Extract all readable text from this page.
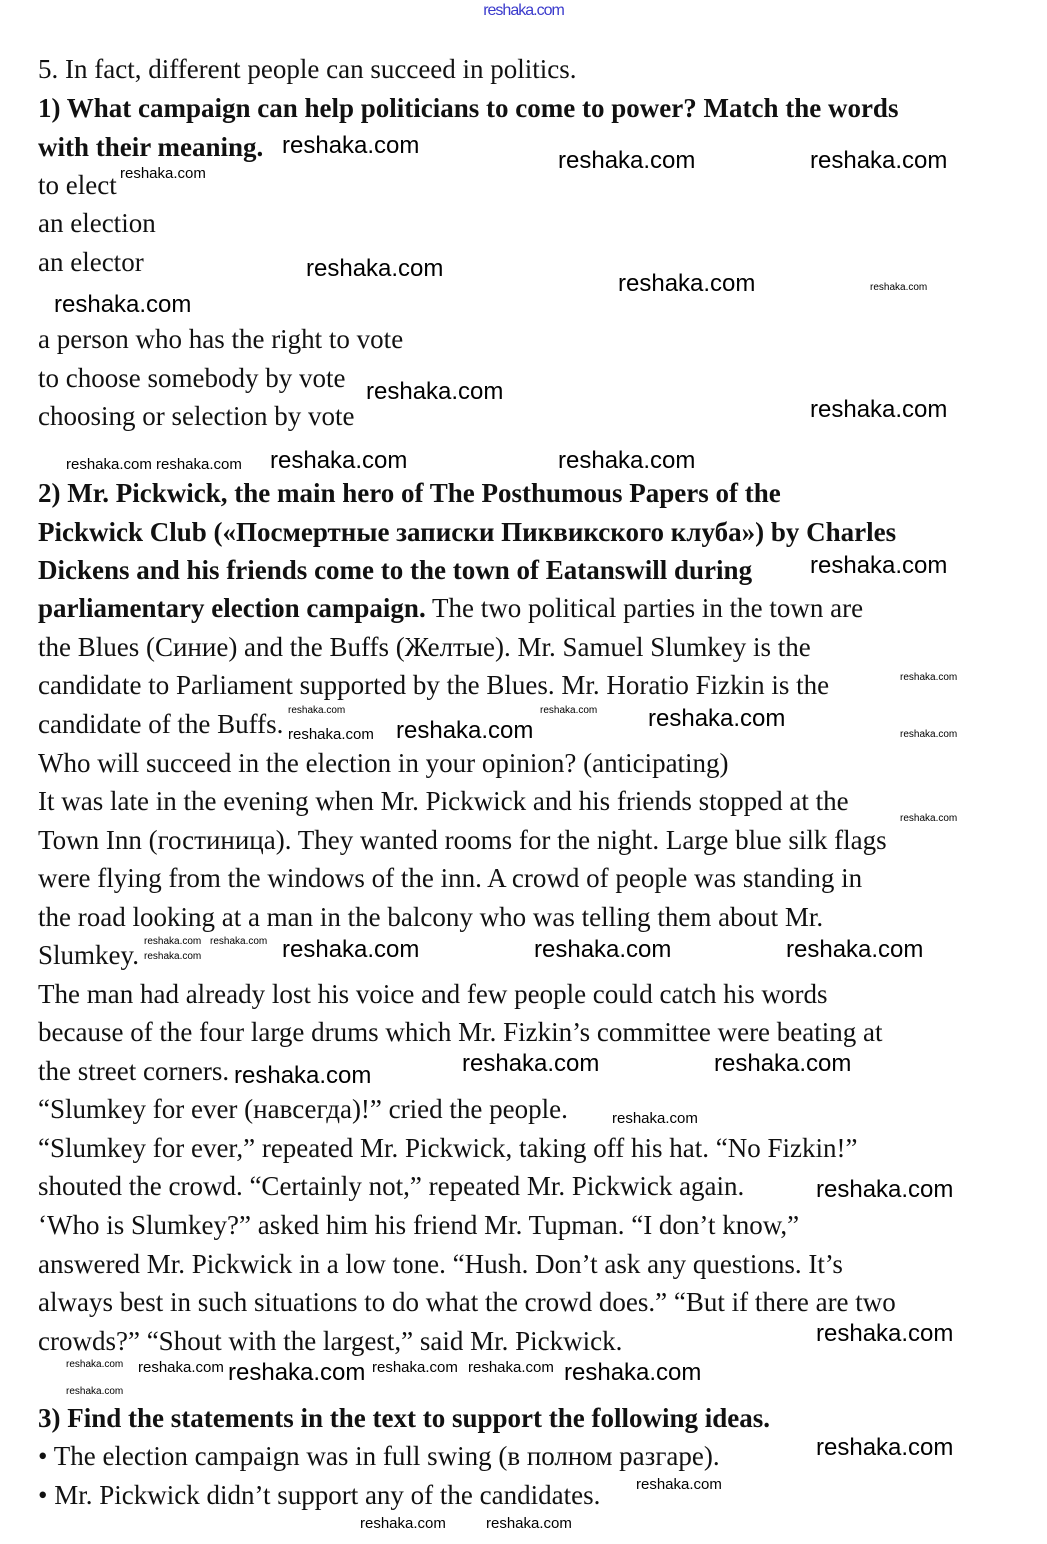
reshaka.com
5. In fact, different people can succeed in politics.
1) What campaign can help politicians to come to power? Match the words
with their meaning.
to elect
an election
an elector
a person who has the right to vote
to choose somebody by vote
choosing or selection by vote
2) Mr. Pickwick, the main hero of The Posthumous Papers of the
Pickwick Club («Посмертные записки Пиквикского клуба») by Charles
Dickens and his friends come to the town of Eatanswill during
parliamentary election campaign. The two political parties in the town are
the Blues (Синие) and the Buffs (Желтые). Mr. Samuel Slumkey is the
candidate to Parliament supported by the Blues. Mr. Horatio Fizkin is the
candidate of the Buffs.
Who will succeed in the election in your opinion? (anticipating)
It was late in the evening when Mr. Pickwick and his friends stopped at the
Town Inn (гостиница). They wanted rooms for the night. Large blue silk flags
were flying from the windows of the inn. A crowd of people was standing in
the road looking at a man in the balcony who was telling them about Mr.
Slumkey.
The man had already lost his voice and few people could catch his words
because of the four large drums which Mr. Fizkin’s committee were beating at
the street corners.
“Slumkey for ever (навсегда)!” cried the people.
“Slumkey for ever,” repeated Mr. Pickwick, taking off his hat. “No Fizkin!”
shouted the crowd. “Certainly not,” repeated Mr. Pickwick again.
‘Who is Slumkey?” asked him his friend Mr. Tupman. “I don’t know,”
answered Mr. Pickwick in a low tone. “Hush. Don’t ask any questions. It’s
always best in such situations to do what the crowd does.” “But if there are two
crowds?” “Shout with the largest,” said Mr. Pickwick.
3) Find the statements in the text to support the following ideas.
• The election campaign was in full swing (в полном разгаре).
• Mr. Pickwick didn’t support any of the candidates.
reshaka.com
reshaka.com	reshaka.com
reshaka.com
reshaka.com
reshaka.com
reshaka.com
reshaka.com
reshaka.com	reshaka.com
reshaka.com
reshaka.com
reshaka.com
reshaka.com	reshaka.com	reshaka.com
reshaka.com	reshaka.com
reshaka.com
reshaka.com
reshaka.com
reshaka.com	reshaka.com
reshaka.com
reshaka.com
reshaka.com reshaka.com
reshaka.com
reshaka.com
reshaka.com	reshaka.com reshaka.com
reshaka.com	reshaka.com
reshaka.com
reshaka.com
reshaka.com	reshaka.com
reshaka.com
reshaka.com
reshaka.com
reshaka.com
reshaka.com
reshaka.com
reshaka.com
reshaka.com
